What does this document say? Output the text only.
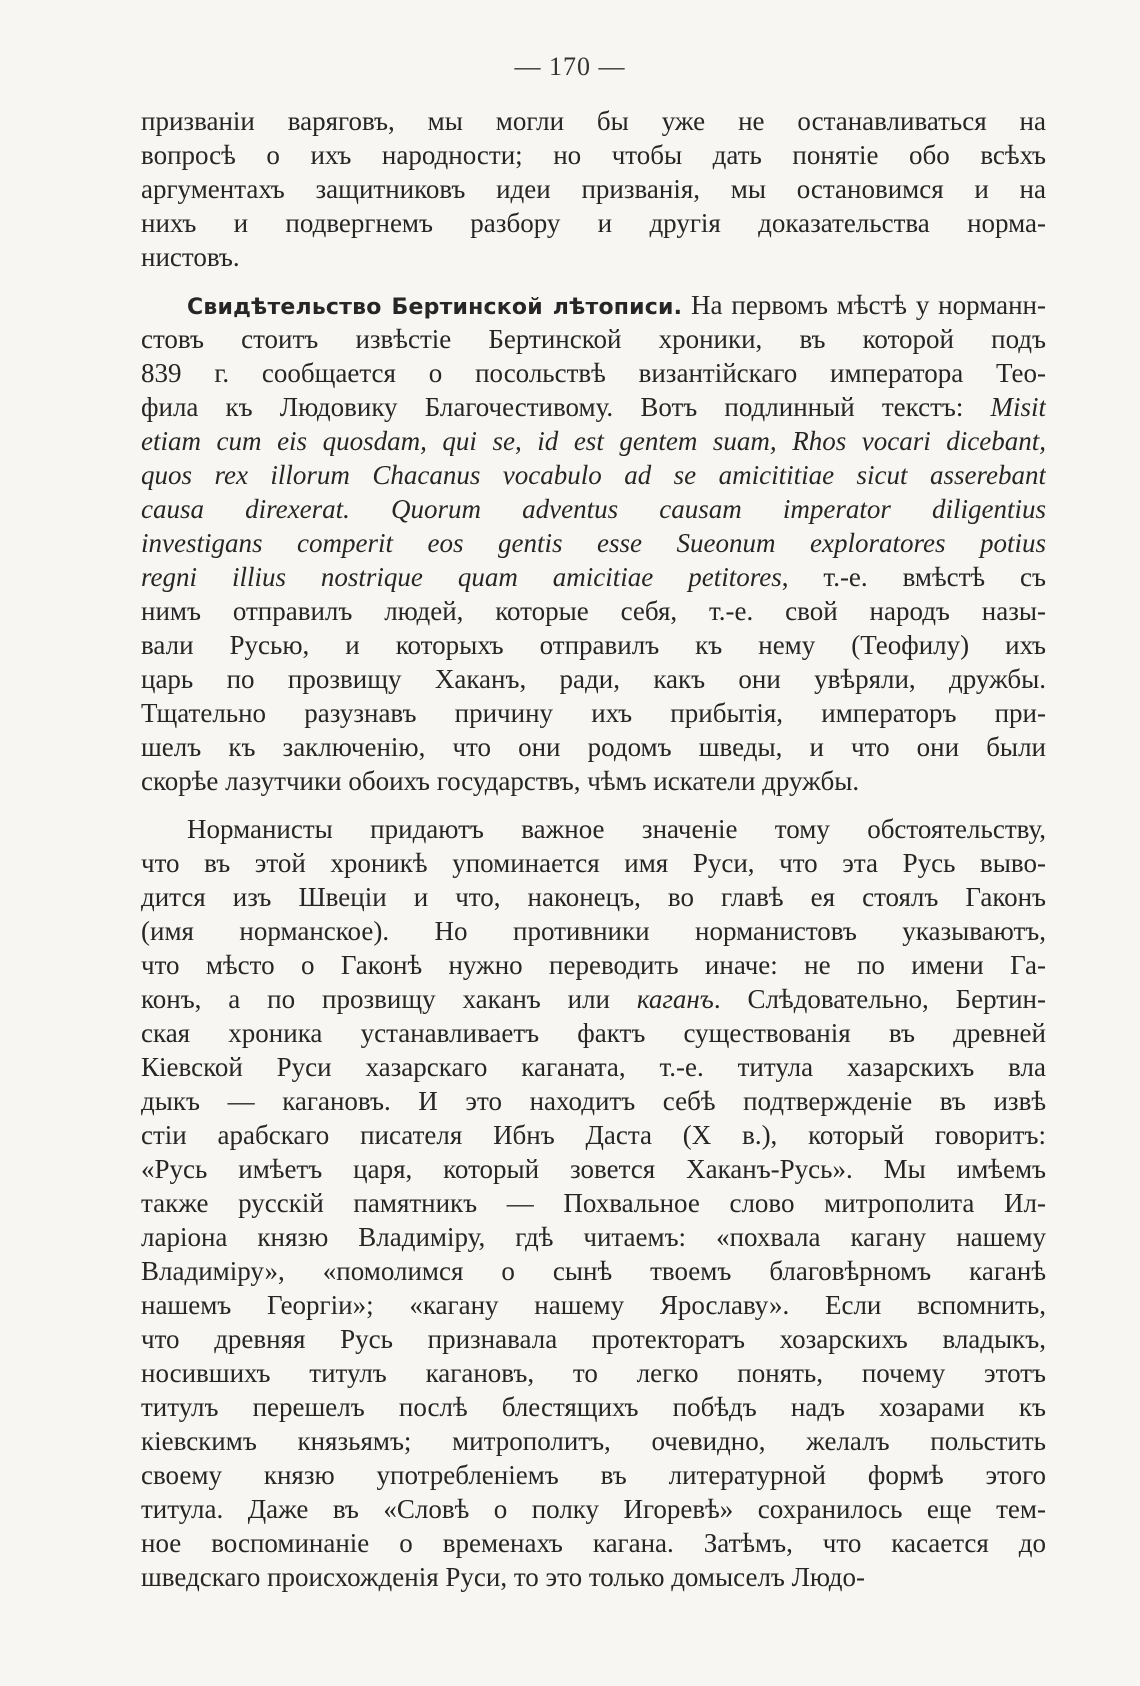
— 170 —
призваніи варяговъ, мы могли бы уже не останавливаться на
вопросѣ о ихъ народности; но чтобы дать понятіе обо всѣхъ
аргументахъ защитниковъ идеи призванія, мы остановимся и на
нихъ и подвергнемъ разбору и другія доказательства норма-
нистовъ.
Свидѣтельство Бертинской лѣтописи. На первомъ мѣстѣ у норманн-
стовъ стоитъ извѣстіе Бертинской хроники, въ которой подъ
839 г. сообщается о посольствѣ византійскаго императора Тео-
фила къ Людовику Благочестивому. Вотъ подлинный текстъ: Misit
etiam cum eis quosdam, qui se, id est gentem suam, Rhos vocari dicebant,
quos rex illorum Chacanus vocabulo ad se amicititiae sicut asserebant
causa direxerat. Quorum adventus causam imperator diligentius
investigans comperit eos gentis esse Sueonum exploratores potius
regni illius nostrique quam amicitiae petitores, т.-е. вмѣстѣ съ
нимъ отправилъ людей, которые себя, т.-е. свой народъ назы-
вали Русью, и которыхъ отправилъ къ нему (Теофилу) ихъ
царь по прозвищу Хаканъ, ради, какъ они увѣряли, дружбы.
Тщательно разузнавъ причину ихъ прибытія, императоръ при-
шелъ къ заключенію, что они родомъ шведы, и что они были
скорѣе лазутчики обоихъ государствъ, чѣмъ искатели дружбы.
Норманисты придаютъ важное значеніе тому обстоятельству,
что въ этой хроникѣ упоминается имя Руси, что эта Русь выво-
дится изъ Швеціи и что, наконецъ, во главѣ ея стоялъ Гаконъ
(имя норманское). Но противники норманистовъ указываютъ,
что мѣсто о Гаконѣ нужно переводить иначе: не по имени Га-
конъ, а по прозвищу хаканъ или каганъ. Слѣдовательно, Бертин-
ская хроника устанавливаетъ фактъ существованія въ древней
Кіевской Руси хазарскаго каганата, т.-е. титула хазарскихъ вла
дыкъ — кагановъ. И это находитъ себѣ подтвержденіе въ извѣ
стіи арабскаго писателя Ибнъ Даста (X в.), который говоритъ:
«Русь имѣетъ царя, который зовется Хаканъ-Русь». Мы имѣемъ
также русскій памятникъ — Похвальное слово митрополита Ил-
ларіона князю Владиміру, гдѣ читаемъ: «похвала кагану нашему
Владиміру», «помолимся о сынѣ твоемъ благовѣрномъ каганѣ
нашемъ Георгіи»; «кагану нашему Ярославу». Если вспомнить,
что древняя Русь признавала протекторатъ хозарскихъ владыкъ,
носившихъ титулъ кагановъ, то легко понять, почему этотъ
титулъ перешелъ послѣ блестящихъ побѣдъ надъ хозарами къ
кіевскимъ князьямъ; митрополитъ, очевидно, желалъ польстить
своему князю употребленіемъ въ литературной формѣ этого
титула. Даже въ «Словѣ о полку Игоревѣ» сохранилось еще тем-
ное воспоминаніе о временахъ кагана. Затѣмъ, что касается до
шведскаго происхожденія Руси, то это только домыселъ Людо-
